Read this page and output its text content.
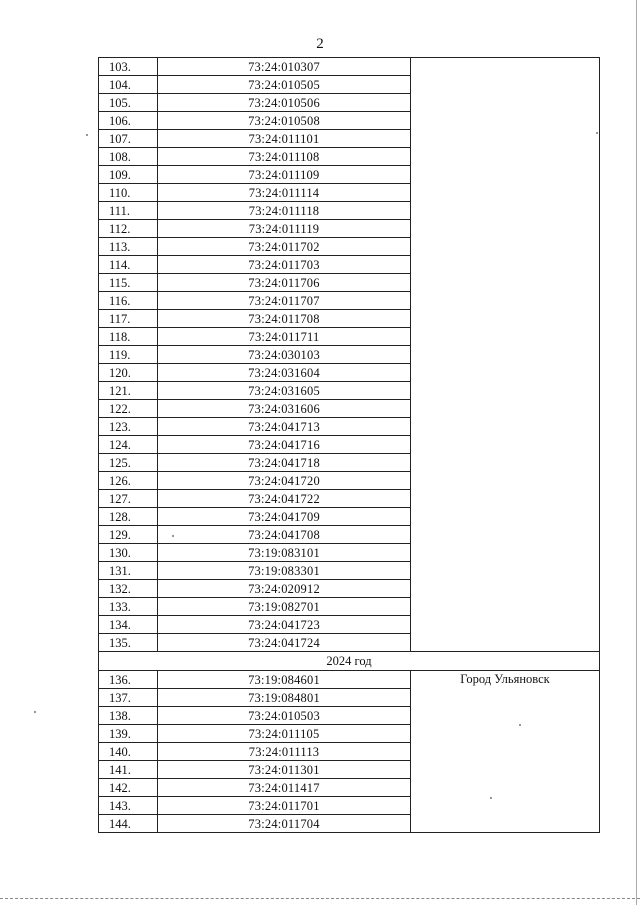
2
103.	73:24:010307	
104.	73:24:010505	
105.	73:24:010506	
106.	73:24:010508	
107.	73:24:011101	
108.	73:24:011108	
109.	73:24:011109	
110.	73:24:011114	
111.	73:24:011118	
112.	73:24:011119	
113.	73:24:011702	
114.	73:24:011703	
115.	73:24:011706	
116.	73:24:011707	
117.	73:24:011708	
118.	73:24:011711	
119.	73:24:030103	
120.	73:24:031604	
121.	73:24:031605	
122.	73:24:031606	
123.	73:24:041713	
124.	73:24:041716	
125.	73:24:041718	
126.	73:24:041720	
127.	73:24:041722	
128.	73:24:041709	
129.	73:24:041708	
130.	73:19:083101	
131.	73:19:083301	
132.	73:24:020912	
133.	73:19:082701	
134.	73:24:041723	
135.	73:24:041724	
2024 год		
136.	73:19:084601	Город Ульяновск
137.	73:19:084801	
138.	73:24:010503	
139.	73:24:011105	
140.	73:24:011113	
141.	73:24:011301	
142.	73:24:011417	
143.	73:24:011701	
144.	73:24:011704	
